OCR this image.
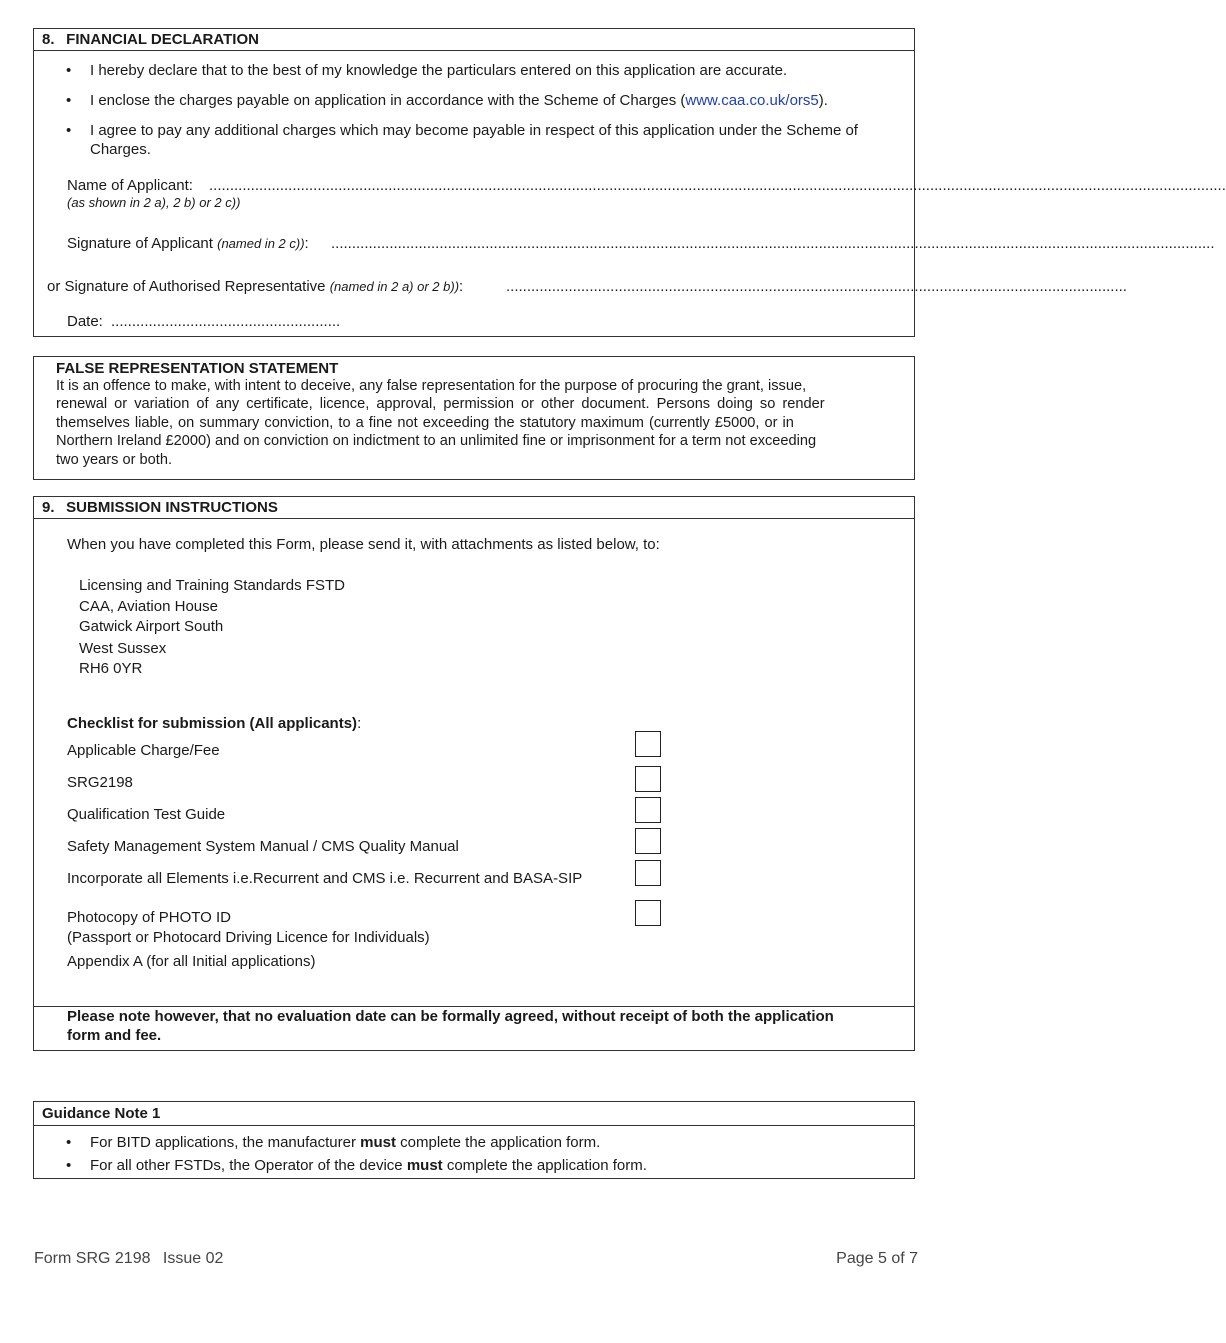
8.  FINANCIAL DECLARATION
• I hereby declare that to the best of my knowledge the particulars entered on this application are accurate.
• I enclose the charges payable on application in accordance with the Scheme of Charges (www.caa.co.uk/ors5).
• I agree to pay any additional charges which may become payable in respect of this application under the Scheme of
Charges.
Name of Applicant: ....................................................................................................................................................................................................................................................
(as shown in 2 a), 2 b) or 2 c))
Signature of Applicant (named in 2 c)): ....................................................................................................................................................................................................................
or Signature of Authorised Representative (named in 2 a) or 2 b)):	.....................................................................................................................................................
Date: .......................................................
FALSE REPRESENTATION STATEMENT
It is an offence to make, with intent to deceive, any false representation for the purpose of procuring the grant, issue,
renewal or variation of any certificate, licence, approval, permission or other document. Persons doing so render
themselves liable, on summary conviction, to a fine not exceeding the statutory maximum (currently £5000, or in
Northern Ireland £2000) and on conviction on indictment to an unlimited fine or imprisonment for a term not exceeding
two years or both.
9.  SUBMISSION INSTRUCTIONS
When you have completed this Form, please send it, with attachments as listed below, to:
Licensing and Training Standards FSTD
CAA, Aviation House
Gatwick Airport South
West Sussex
RH6 0YR
Checklist for submission (All applicants):
Applicable Charge/Fee
SRG2198
Qualification Test Guide
Safety Management System Manual / CMS Quality Manual
Incorporate all Elements i.e.Recurrent and CMS i.e. Recurrent and BASA-SIP
Photocopy of PHOTO ID
(Passport or Photocard Driving Licence for Individuals)
Appendix A (for all Initial applications)
Please note however, that no evaluation date can be formally agreed, without receipt of both the application
form and fee.
Guidance Note 1
• For BITD applications, the manufacturer must complete the application form.
• For all other FSTDs, the Operator of the device must complete the application form.
Form SRG 2198  Issue 02	Page 5 of 7
